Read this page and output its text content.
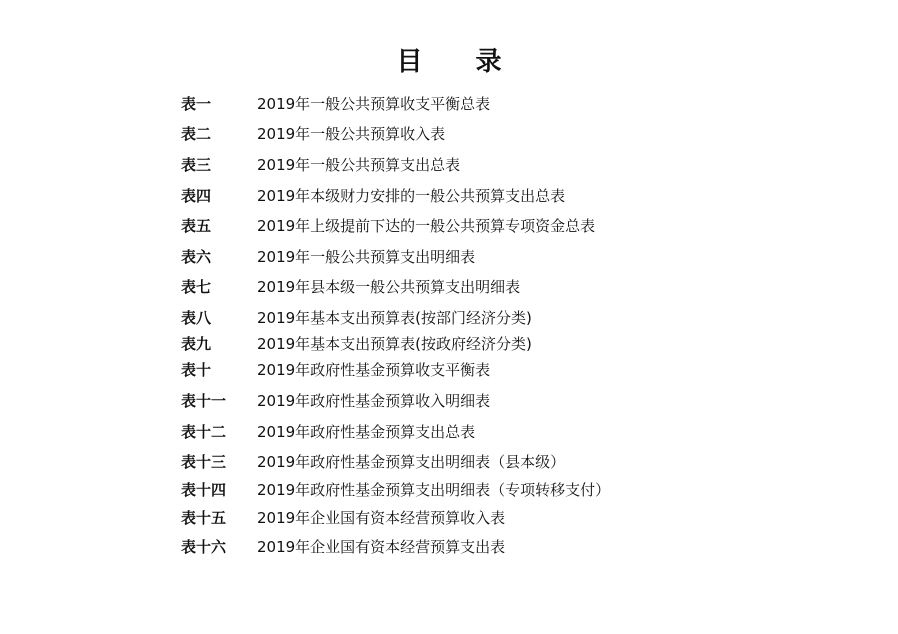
目 录
表一	2019年一般公共预算收支平衡总表
表二	2019年一般公共预算收入表
表三	2019年一般公共预算支出总表
表四	2019年本级财力安排的一般公共预算支出总表
表五	2019年上级提前下达的一般公共预算专项资金总表
表六	2019年一般公共预算支出明细表
表七	2019年县本级一般公共预算支出明细表
表八	2019年基本支出预算表(按部门经济分类)
表九	2019年基本支出预算表(按政府经济分类)
表十	2019年政府性基金预算收支平衡表
表十一 2019年政府性基金预算收入明细表
表十二 2019年政府性基金预算支出总表
表十三 2019年政府性基金预算支出明细表（县本级）
表十四 2019年政府性基金预算支出明细表（专项转移支付）
表十五 2019年企业国有资本经营预算收入表
表十六 2019年企业国有资本经营预算支出表
